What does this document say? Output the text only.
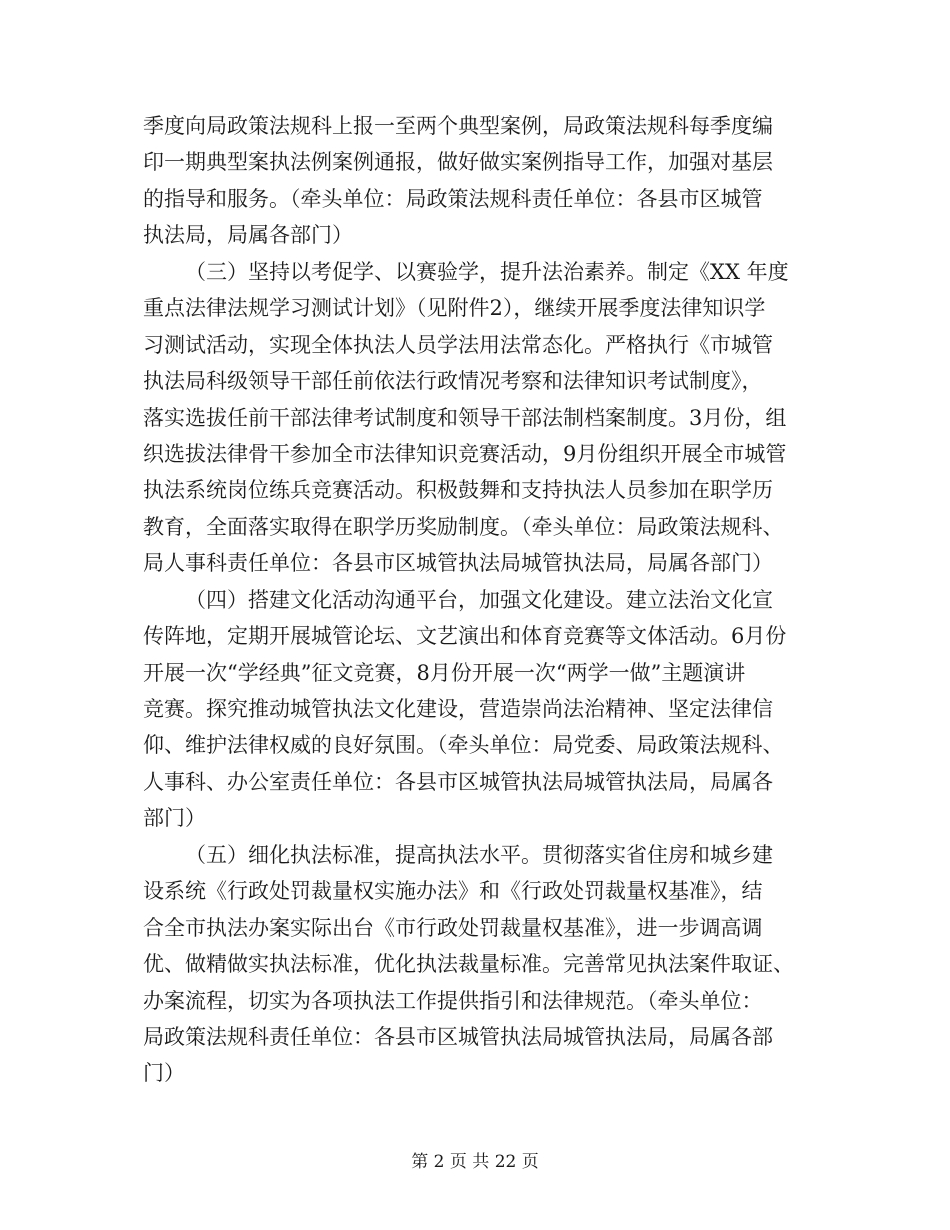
季度向局政策法规科上报一至两个典型案例，局政策法规科每季度编
印一期典型案执法例案例通报，做好做实案例指导工作，加强对基层
的指导和服务。（牵头单位：局政策法规科责任单位：各县市区城管
执法局，局属各部门）
（三）坚持以考促学、以赛验学，提升法治素养。制定《XX 年度
重点法律法规学习测试计划》（见附件2），继续开展季度法律知识学
习测试活动，实现全体执法人员学法用法常态化。严格执行《市城管
执法局科级领导干部任前依法行政情况考察和法律知识考试制度》，
落实选拔任前干部法律考试制度和领导干部法制档案制度。3月份，组
织选拔法律骨干参加全市法律知识竞赛活动，9月份组织开展全市城管
执法系统岗位练兵竞赛活动。积极鼓舞和支持执法人员参加在职学历
教育，全面落实取得在职学历奖励制度。（牵头单位：局政策法规科、
局人事科责任单位：各县市区城管执法局城管执法局，局属各部门）
（四）搭建文化活动沟通平台，加强文化建设。建立法治文化宣
传阵地，定期开展城管论坛、文艺演出和体育竞赛等文体活动。6月份
开展一次“学经典”征文竞赛，8月份开展一次“两学一做”主题演讲
竞赛。探究推动城管执法文化建设，营造崇尚法治精神、坚定法律信
仰、维护法律权威的良好氛围。（牵头单位：局党委、局政策法规科、
人事科、办公室责任单位：各县市区城管执法局城管执法局，局属各
部门）
（五）细化执法标准，提高执法水平。贯彻落实省住房和城乡建
设系统《行政处罚裁量权实施办法》和《行政处罚裁量权基准》，结
合全市执法办案实际出台《市行政处罚裁量权基准》，进一步调高调
优、做精做实执法标准，优化执法裁量标准。完善常见执法案件取证、
办案流程，切实为各项执法工作提供指引和法律规范。（牵头单位：
局政策法规科责任单位：各县市区城管执法局城管执法局，局属各部
门）
第 2 页 共 22 页
